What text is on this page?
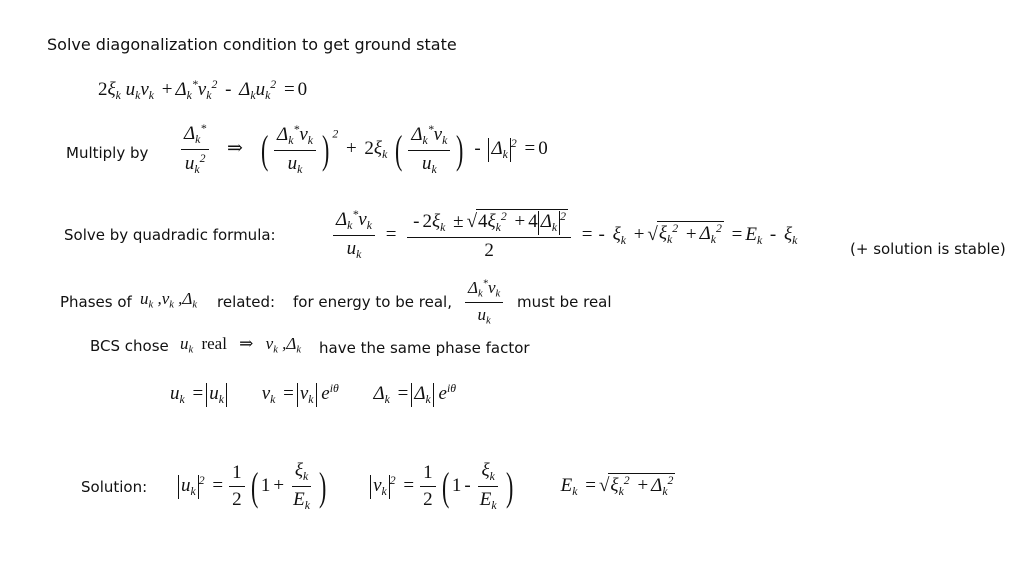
Solve diagonalization condition to get ground state
$2\xi_k$ $u_kv_k + \Delta_k^*v_k^2 - \Delta_ku_k^2 = 0$
Multiply by $\frac{\Delta_k^*}{u_k^2}$ ⇒ ( $\frac{\Delta_k^*v_k}{u_k}$ ) $^2 + 2\xi_k$ ( $\frac{\Delta_k^*v_k}{u_k}$ ) - $\Delta_k^2 = 0$
Solve by quadradic formula:	$\frac{\Delta_k^*v_k}{u_k} = \frac{- 2\xi_k \pm √4\xi_k^2 + 4 \Delta_k^2}{2}$ = - $\xi_k + √\xi_k^2 + \Delta_k^2 = E_k - \xi_k$	(+ solution is stable)
Phases of $u_k$ $,v_k$ $,\Delta_k$ related: for energy to be real, $\frac{\Delta_k^*v_k}{u_k}$ must be real
BCS chose $u_k$ real ⇒ $v_k$ $,\Delta_k$ have the same phase factor
$u_k = u_k$ $v_k = v_k$ $e^{i\theta}$ $\Delta_k = \Delta_k$ $e^{i\theta}$
Solution: $u_k^2 = \frac{1}{2}$ ( $1 + \frac{\xi_k}{E_k}$ ) $v_k^2 = \frac{1}{2}$ ( $1 - \frac{\xi_k}{E_k}$ )	$E_k = √\xi_k^2 + \Delta_k^2$
